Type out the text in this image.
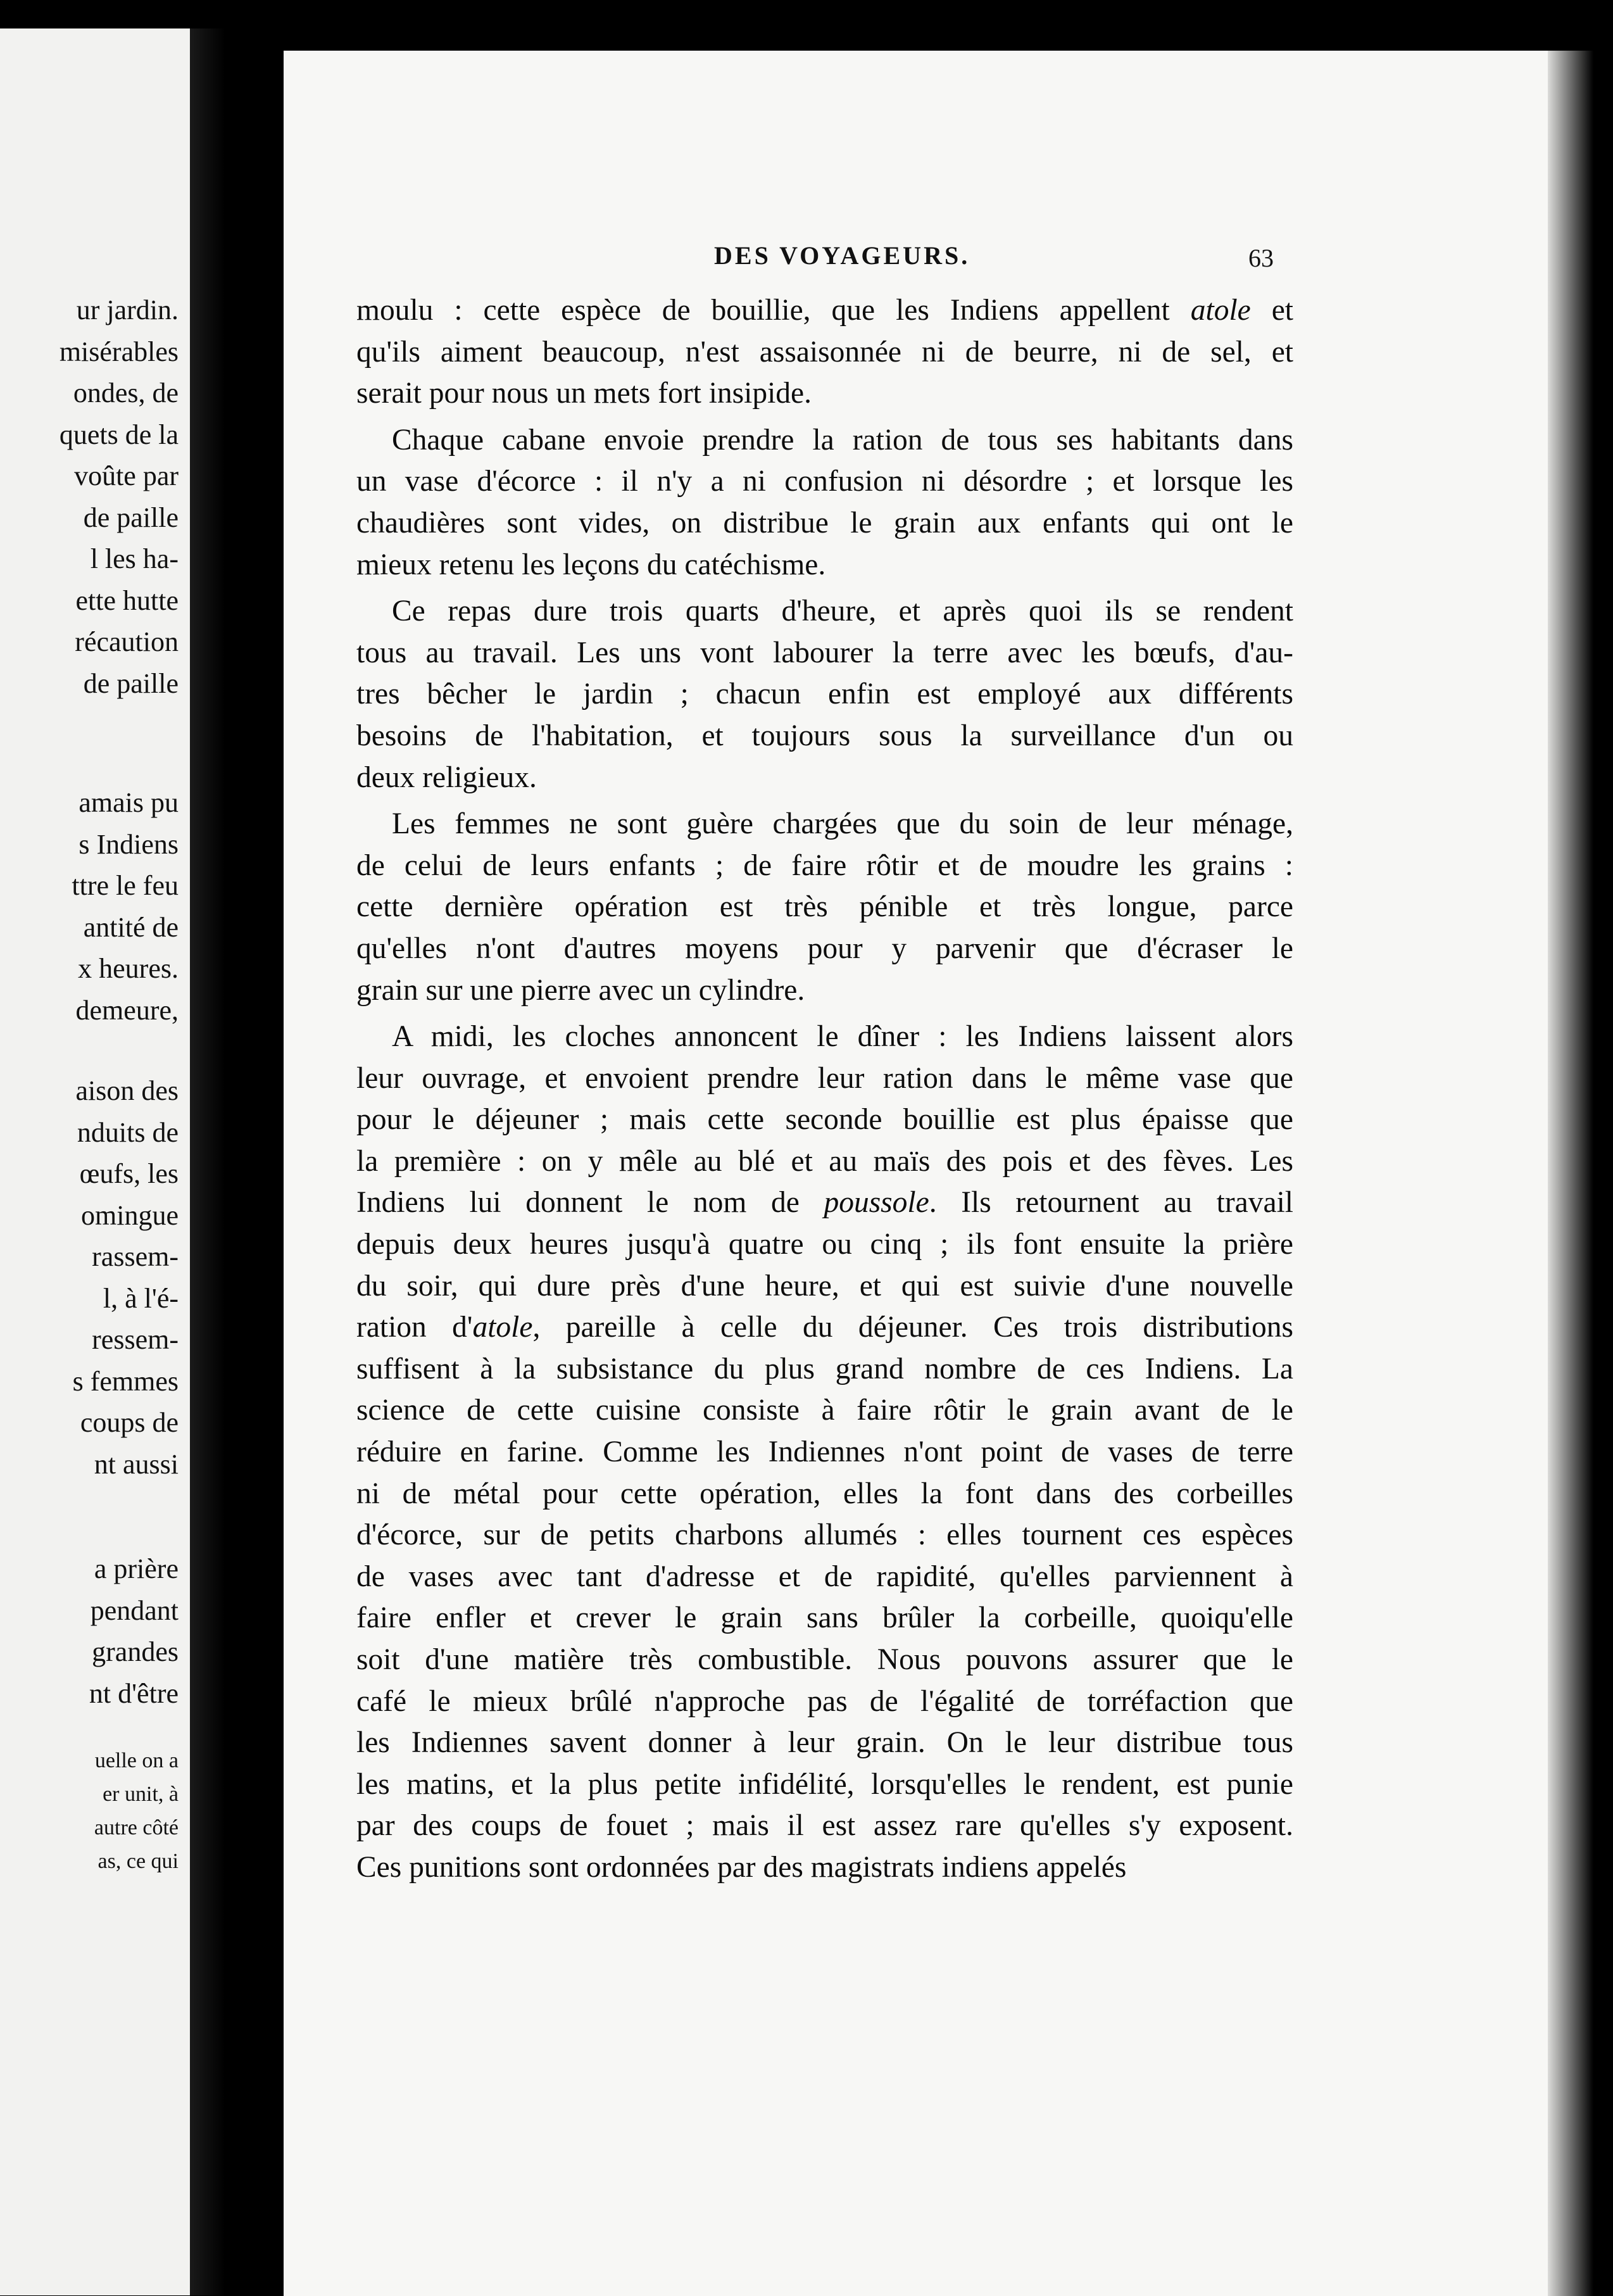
ur jardin.
misérables
ondes, de
quets de la
voûte par
de paille
l les ha-
ette hutte
récaution
de paille
amais pu
s Indiens
ttre le feu
antité de
x heures.
demeure,
aison des
nduits de
œufs, les
omingue
rassem-
l, à l'é-
ressem-
s femmes
coups de
nt aussi
a prière
pendant
grandes
nt d'être
uelle on a
er unit, à
autre côté
as, ce qui
DES VOYAGEURS.	63
moulu : cette espèce de bouillie, que les Indiens appellent atole et
qu'ils aiment beaucoup, n'est assaisonnée ni de beurre, ni de sel, et
serait pour nous un mets fort insipide.
Chaque cabane envoie prendre la ration de tous ses habitants dans
un vase d'écorce : il n'y a ni confusion ni désordre ; et lorsque les
chaudières sont vides, on distribue le grain aux enfants qui ont le
mieux retenu les leçons du catéchisme.
Ce repas dure trois quarts d'heure, et après quoi ils se rendent
tous au travail. Les uns vont labourer la terre avec les bœufs, d'au-
tres bêcher le jardin ; chacun enfin est employé aux différents
besoins de l'habitation, et toujours sous la surveillance d'un ou
deux religieux.
Les femmes ne sont guère chargées que du soin de leur ménage,
de celui de leurs enfants ; de faire rôtir et de moudre les grains :
cette dernière opération est très pénible et très longue, parce
qu'elles n'ont d'autres moyens pour y parvenir que d'écraser le
grain sur une pierre avec un cylindre.
A midi, les cloches annoncent le dîner : les Indiens laissent alors
leur ouvrage, et envoient prendre leur ration dans le même vase que
pour le déjeuner ; mais cette seconde bouillie est plus épaisse que
la première : on y mêle au blé et au maïs des pois et des fèves. Les
Indiens lui donnent le nom de poussole. Ils retournent au travail
depuis deux heures jusqu'à quatre ou cinq ; ils font ensuite la prière
du soir, qui dure près d'une heure, et qui est suivie d'une nouvelle
ration d'atole, pareille à celle du déjeuner. Ces trois distributions
suffisent à la subsistance du plus grand nombre de ces Indiens. La
science de cette cuisine consiste à faire rôtir le grain avant de le
réduire en farine. Comme les Indiennes n'ont point de vases de terre
ni de métal pour cette opération, elles la font dans des corbeilles
d'écorce, sur de petits charbons allumés : elles tournent ces espèces
de vases avec tant d'adresse et de rapidité, qu'elles parviennent à
faire enfler et crever le grain sans brûler la corbeille, quoiqu'elle
soit d'une matière très combustible. Nous pouvons assurer que le
café le mieux brûlé n'approche pas de l'égalité de torréfaction que
les Indiennes savent donner à leur grain. On le leur distribue tous
les matins, et la plus petite infidélité, lorsqu'elles le rendent, est punie
par des coups de fouet ; mais il est assez rare qu'elles s'y exposent.
Ces punitions sont ordonnées par des magistrats indiens appelés
